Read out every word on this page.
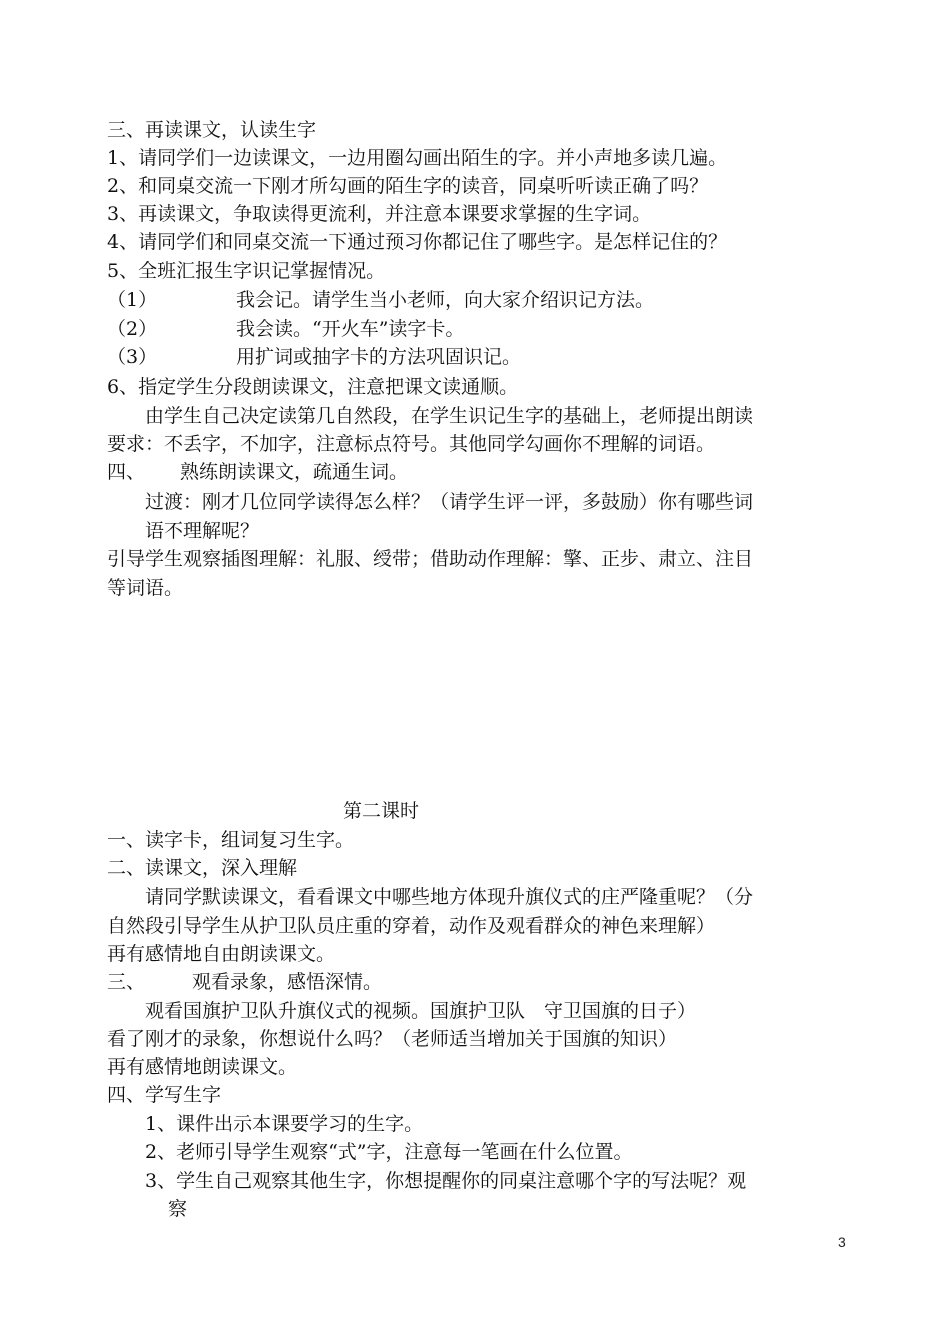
三、再读课文，认读生字
1、请同学们一边读课文，一边用圈勾画出陌生的字。并小声地多读几遍。
2、和同桌交流一下刚才所勾画的陌生字的读音，同桌听听读正确了吗？
3、再读课文，争取读得更流利，并注意本课要求掌握的生字词。
4、请同学们和同桌交流一下通过预习你都记住了哪些字。是怎样记住的？
5、全班汇报生字识记掌握情况。
（1）	我会记。请学生当小老师，向大家介绍识记方法。
（2）	我会读。“开火车”读字卡。
（3）	用扩词或抽字卡的方法巩固识记。
6、指定学生分段朗读课文，注意把课文读通顺。
由学生自己决定读第几自然段，在学生识记生字的基础上，老师提出朗读
要求：不丢字，不加字，注意标点符号。其他同学勾画你不理解的词语。
四、 熟练朗读课文，疏通生词。
过渡：刚才几位同学读得怎么样？（请学生评一评，多鼓励）你有哪些词
语不理解呢？
引导学生观察插图理解：礼服、绶带；借助动作理解：擎、正步、肃立、注目
等词语。
第二课时
一、读字卡，组词复习生字。
二、读课文，深入理解
请同学默读课文，看看课文中哪些地方体现升旗仪式的庄严隆重呢？（分
自然段引导学生从护卫队员庄重的穿着，动作及观看群众的神色来理解）
再有感情地自由朗读课文。
三、 观看录象，感悟深情。
观看国旗护卫队升旗仪式的视频。国旗护卫队　守卫国旗的日子）
看了刚才的录象，你想说什么吗？（老师适当增加关于国旗的知识）
再有感情地朗读课文。
四、学写生字
1、课件出示本课要学习的生字。
2、老师引导学生观察“式”字，注意每一笔画在什么位置。
3、学生自己观察其他生字，你想提醒你的同桌注意哪个字的写法呢？观
察
3
